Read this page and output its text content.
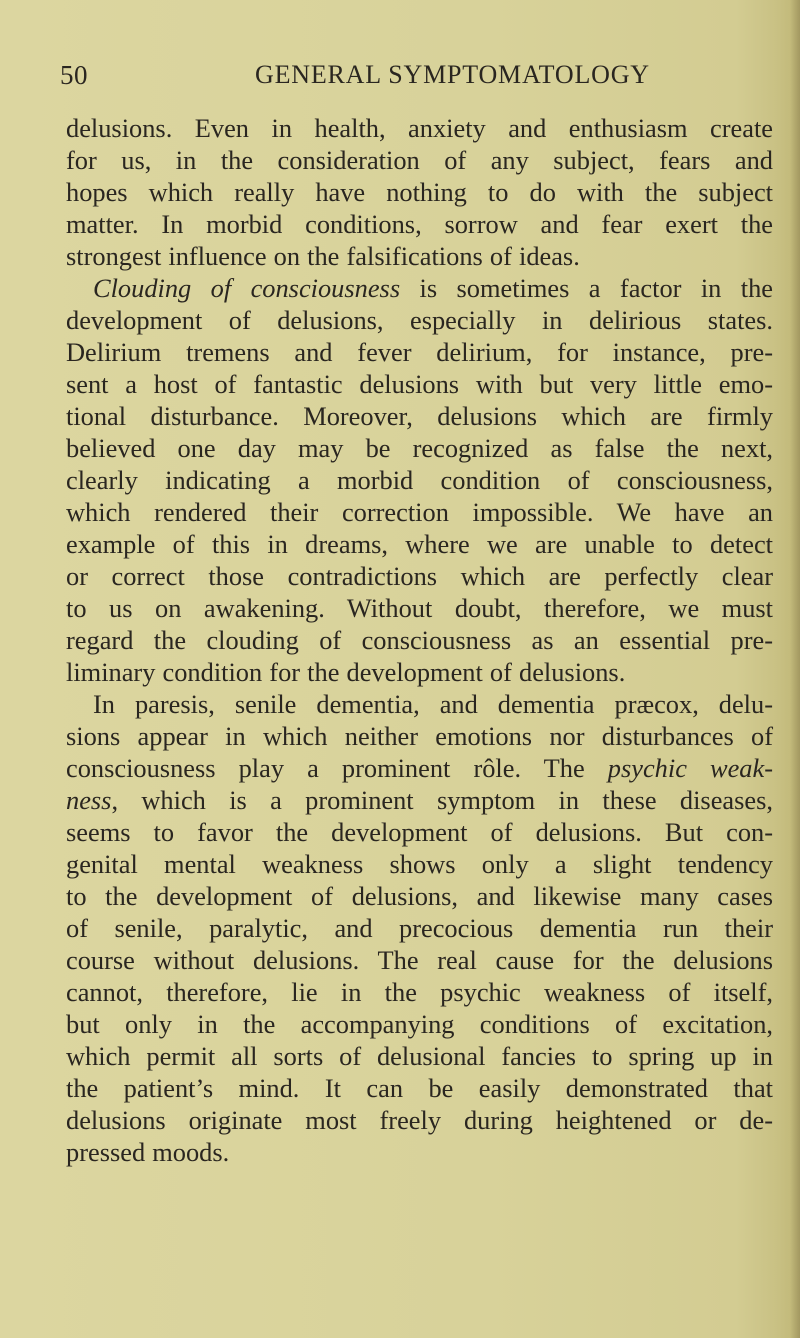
50	GENERAL SYMPTOMATOLOGY
delusions. Even in health, anxiety and enthusiasm create
for us, in the consideration of any subject, fears and
hopes which really have nothing to do with the subject
matter. In morbid conditions, sorrow and fear exert the
strongest influence on the falsifications of ideas.
Clouding of consciousness is sometimes a factor in the
development of delusions, especially in delirious states.
Delirium tremens and fever delirium, for instance, pre-
sent a host of fantastic delusions with but very little emo-
tional disturbance. Moreover, delusions which are firmly
believed one day may be recognized as false the next,
clearly indicating a morbid condition of consciousness,
which rendered their correction impossible. We have an
example of this in dreams, where we are unable to detect
or correct those contradictions which are perfectly clear
to us on awakening. Without doubt, therefore, we must
regard the clouding of consciousness as an essential pre-
liminary condition for the development of delusions.
In paresis, senile dementia, and dementia præcox, delu-
sions appear in which neither emotions nor disturbances of
consciousness play a prominent rôle. The psychic weak-
ness, which is a prominent symptom in these diseases,
seems to favor the development of delusions. But con-
genital mental weakness shows only a slight tendency
to the development of delusions, and likewise many cases
of senile, paralytic, and precocious dementia run their
course without delusions. The real cause for the delusions
cannot, therefore, lie in the psychic weakness of itself,
but only in the accompanying conditions of excitation,
which permit all sorts of delusional fancies to spring up in
the patient’s mind. It can be easily demonstrated that
delusions originate most freely during heightened or de-
pressed moods.
